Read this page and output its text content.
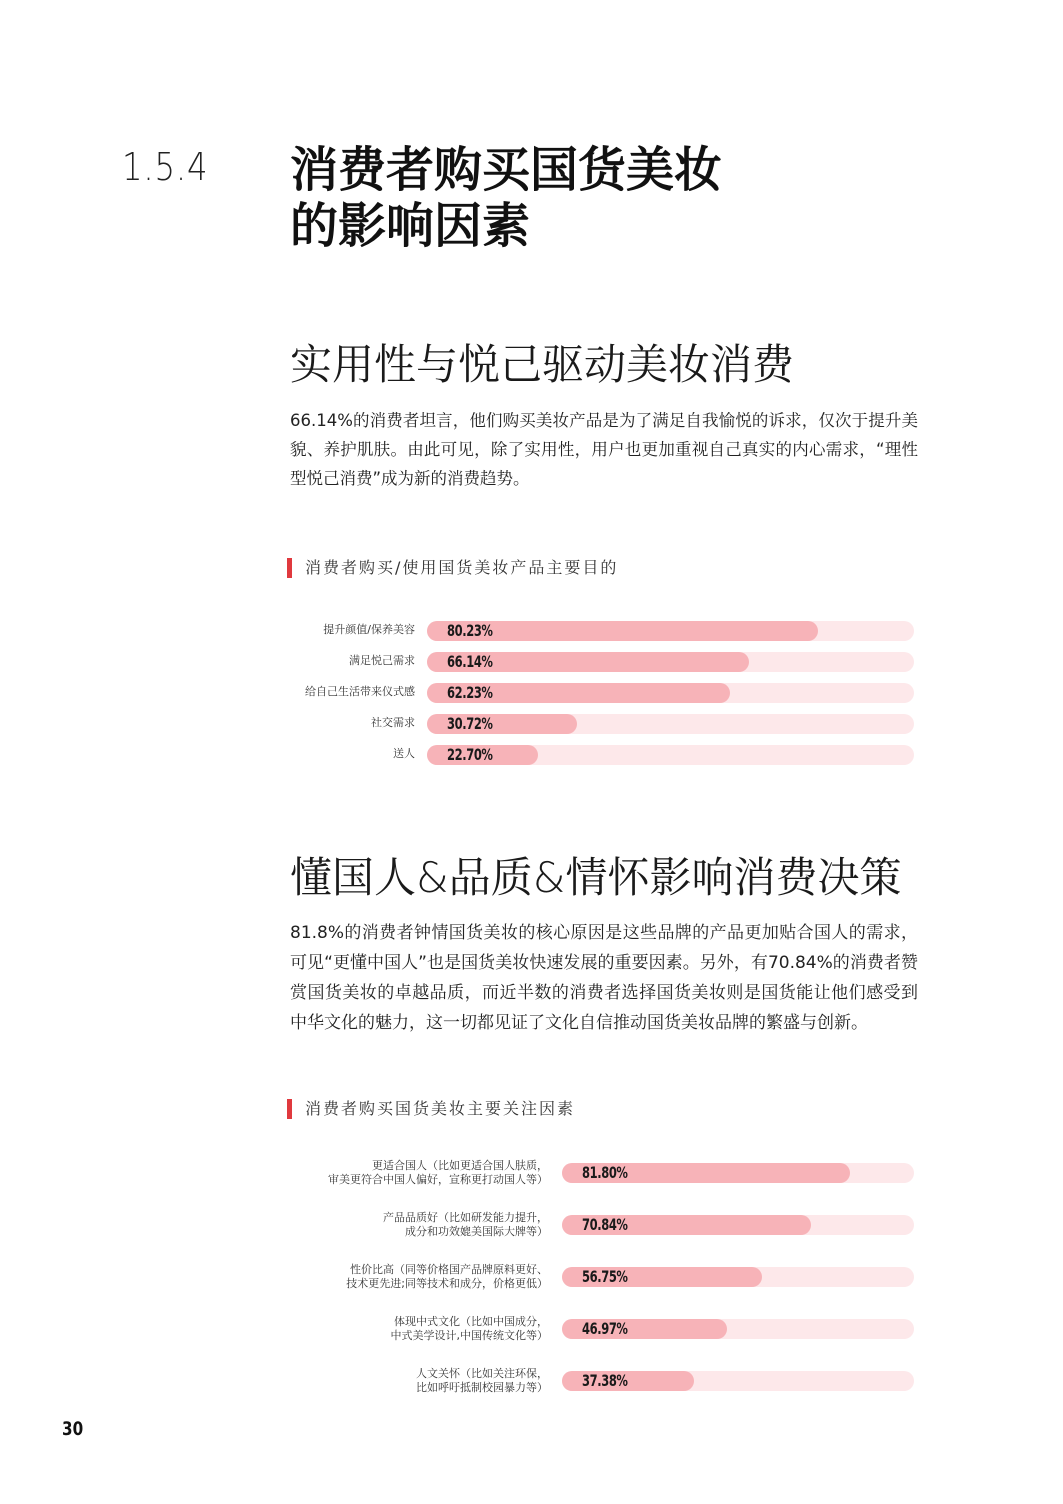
1.5.4 消费者购买国货美妆
的影响因素
实用性与悦己驱动美妆消费

66.14%的消费者坦言，他们购买美妆产品是为了满足自我愉悦的诉求，仅次于提升美貌、养护肌肤。由此可见，除了实用性，用户也更加重视自己真实的内心需求，“理性型悦己消费”成为新的消费趋势。

消费者购买/使用国货美妆产品主要目的
提升颜值/保养美容 80.23%
满足悦己需求 66.14%
给自己生活带来仪式感 62.23%
社交需求 30.72%
送人 22.70%
懂国人&品质&情怀影响消费决策

81.8%的消费者钟情国货美妆的核心原因是这些品牌的产品更加贴合国人的需求，可见“更懂中国人”也是国货美妆快速发展的重要因素。另外，有70.84%的消费者赞赏国货美妆的卓越品质，而近半数的消费者选择国货美妆则是国货能让他们感受到中华文化的魅力，这一切都见证了文化自信推动国货美妆品牌的繁盛与创新。

消费者购买国货美妆主要关注因素
更适合国人（比如更适合国人肤质，
审美更符合中国人偏好，宣称更打动国人等） 81.80%
产品品质好（比如研发能力提升，
成分和功效媲美国际大牌等） 70.84%
性价比高（同等价格国产品牌原料更好、
技术更先进;同等技术和成分，价格更低） 56.75%
体现中式文化（比如中国成分，
中式美学设计,中国传统文化等） 46.97%
人文关怀（比如关注环保，
比如呼吁抵制校园暴力等） 37.38%
30
